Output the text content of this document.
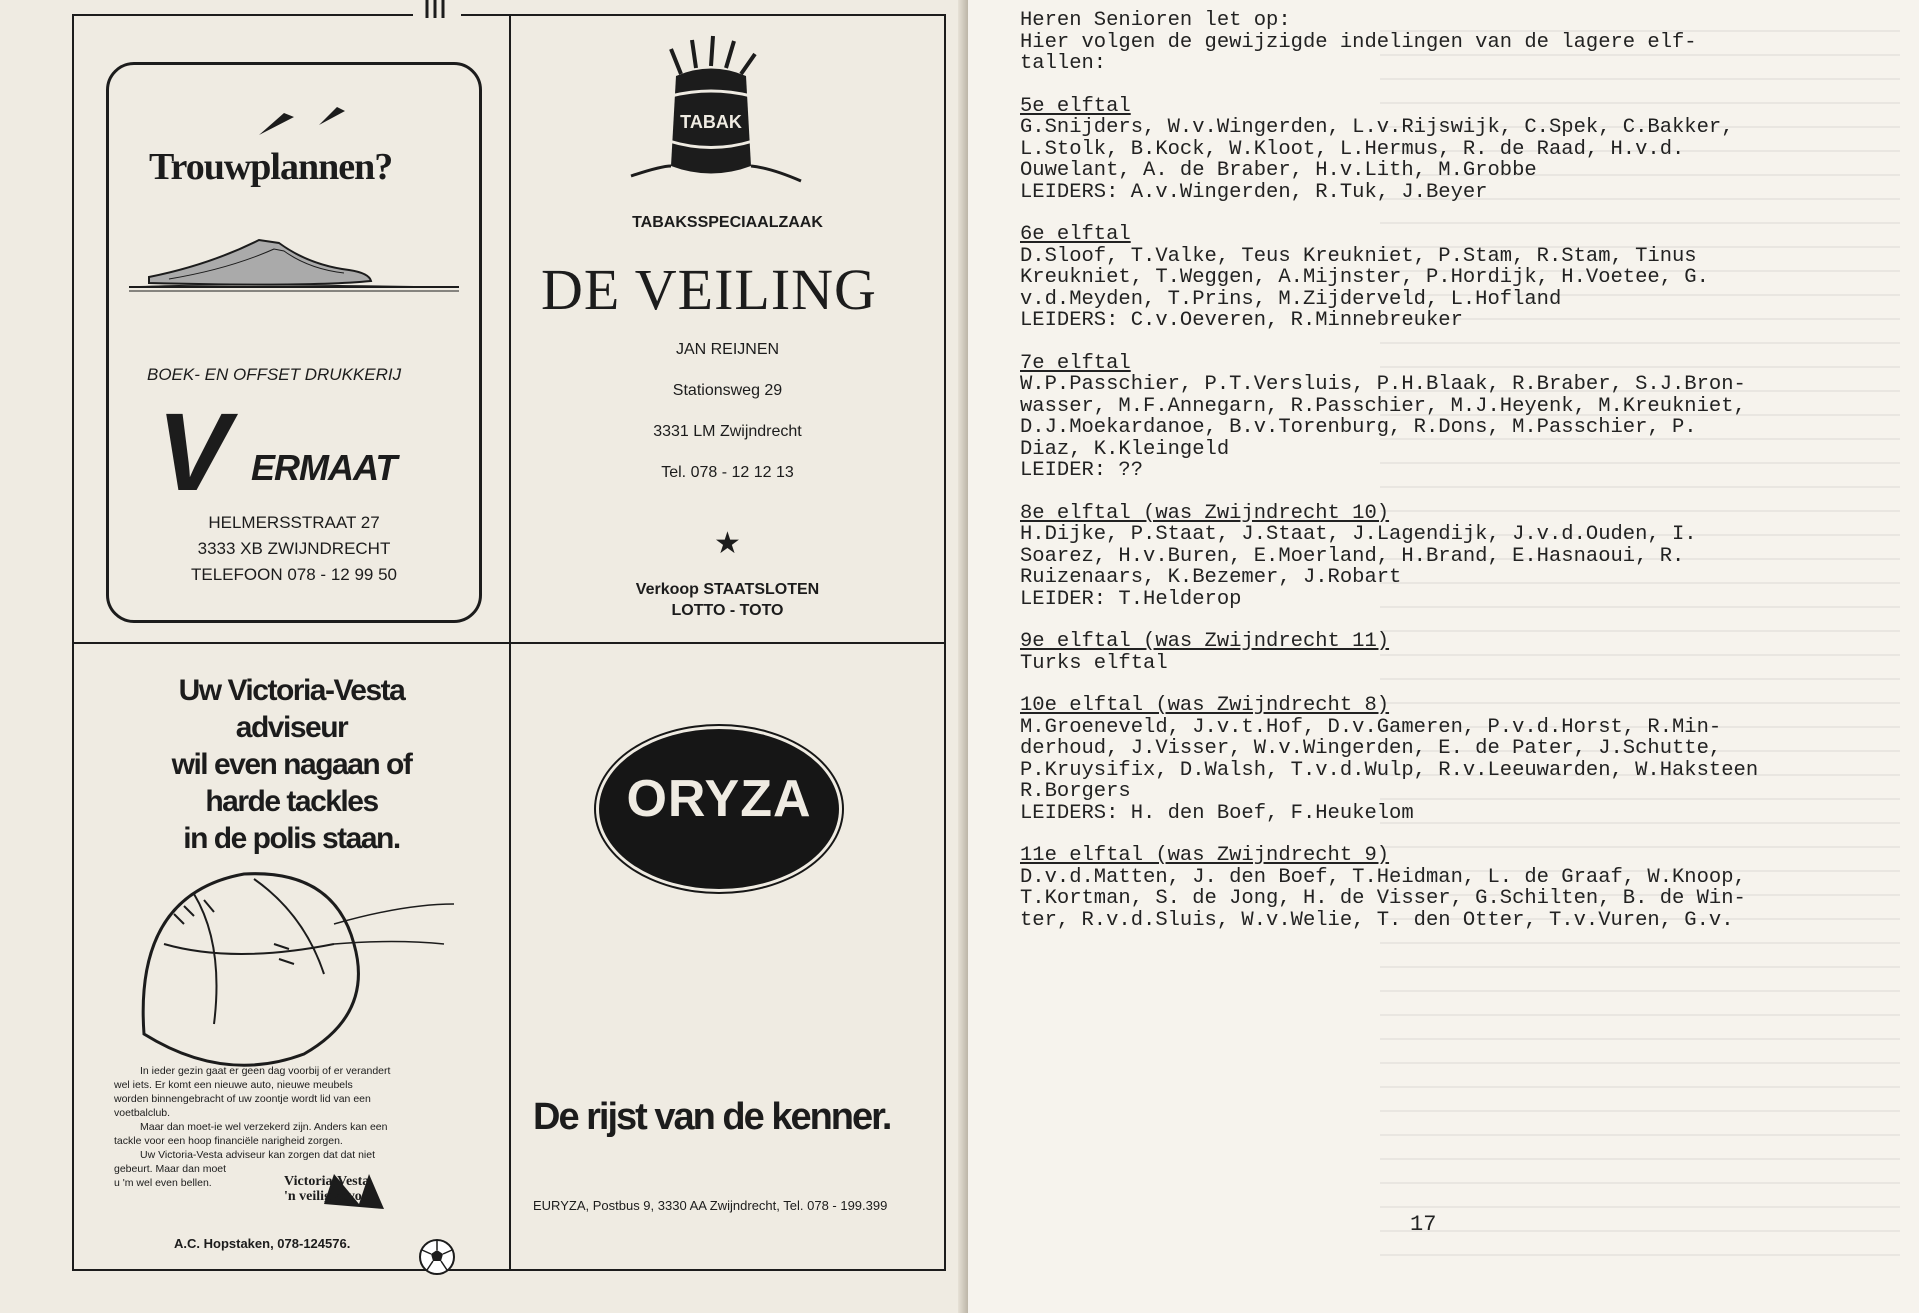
V
Trouwplannen?
BOEK- EN OFFSET DRUKKERIJ
ERMAAT
HELMERSSTRAAT 27
3333 XB ZWIJNDRECHT
TELEFOON 078 - 12 99 50
TABAK
TABAKSSPECIAALZAAK
DE VEILING
JAN REIJNEN
Stationsweg 29
3331 LM Zwijndrecht
Tel. 078 - 12 12 13
★
Verkoop STAATSLOTEN
LOTTO - TOTO
Uw Victoria-Vesta
adviseur
wil even nagaan of
harde tackles
in de polis staan.
In ieder gezin gaat er geen dag voorbij of er verandert
wel iets. Er komt een nieuwe auto, nieuwe meubels
worden binnengebracht of uw zoontje wordt lid van een
voetbalclub.
Maar dan moet-ie wel verzekerd zijn. Anders kan een
tackle voor een hoop financiële narigheid zorgen.
Uw Victoria-Vesta adviseur kan zorgen dat dat niet
gebeurt. Maar dan moet
u 'm wel even bellen.	Victoria-Vesta
'n veilig gevoel
A.C. Hopstaken, 078-124576.
ORYZA
De rijst van de kenner.
EURYZA, Postbus 9, 3330 AA Zwijndrecht, Tel. 078 - 199.399

Heren Senioren let op:

Hier volgen de gewijzigde indelingen van de lagere elf-

tallen:

5e elftal

G.Snijders, W.v.Wingerden, L.v.Rijswijk, C.Spek, C.Bakker,

L.Stolk, B.Kock, W.Kloot, L.Hermus, R. de Raad, H.v.d.

Ouwelant, A. de Braber, H.v.Lith, M.Grobbe

LEIDERS: A.v.Wingerden, R.Tuk, J.Beyer

6e elftal

D.Sloof, T.Valke, Teus Kreukniet, P.Stam, R.Stam, Tinus

Kreukniet, T.Weggen, A.Mijnster, P.Hordijk, H.Voetee, G.

v.d.Meyden, T.Prins, M.Zijderveld, L.Hofland

LEIDERS: C.v.Oeveren, R.Minnebreuker

7e elftal

W.P.Passchier, P.T.Versluis, P.H.Blaak, R.Braber, S.J.Bron-

wasser, M.F.Annegarn, R.Passchier, M.J.Heyenk, M.Kreukniet,

D.J.Moekardanoe, B.v.Torenburg, R.Dons, M.Passchier, P.

Diaz, K.Kleingeld

LEIDER: ??

8e elftal (was Zwijndrecht 10)

H.Dijke, P.Staat, J.Staat, J.Lagendijk, J.v.d.Ouden, I.

Soarez, H.v.Buren, E.Moerland, H.Brand, E.Hasnaoui, R.

Ruizenaars, K.Bezemer, J.Robart

LEIDER: T.Helderop

9e elftal (was Zwijndrecht 11)

Turks elftal

10e elftal (was Zwijndrecht 8)

M.Groeneveld, J.v.t.Hof, D.v.Gameren, P.v.d.Horst, R.Min-

derhoud, J.Visser, W.v.Wingerden, E. de Pater, J.Schutte,

P.Kruysifix, D.Walsh, T.v.d.Wulp, R.v.Leeuwarden, W.Haksteen

R.Borgers

LEIDERS: H. den Boef, F.Heukelom

11e elftal (was Zwijndrecht 9)

D.v.d.Matten, J. den Boef, T.Heidman, L. de Graaf, W.Knoop,

T.Kortman, S. de Jong, H. de Visser, G.Schilten, B. de Win-

ter, R.v.d.Sluis, W.v.Welie, T. den Otter, T.v.Vuren, G.v.

17
